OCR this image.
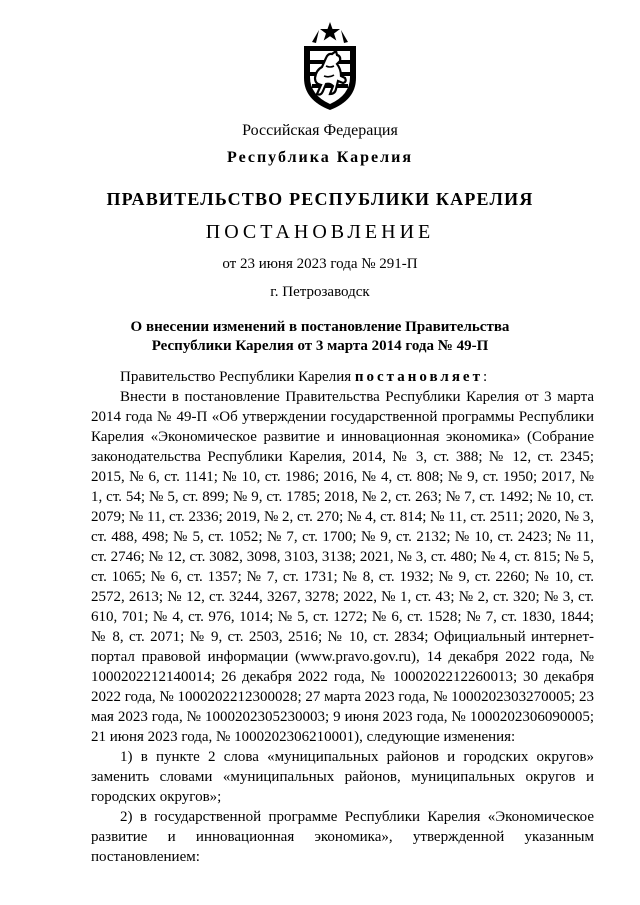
Российская Федерация
Республика Карелия
ПРАВИТЕЛЬСТВО РЕСПУБЛИКИ КАРЕЛИЯ
ПОСТАНОВЛЕНИЕ
от 23 июня 2023 года № 291-П
г. Петрозаводск
О внесении изменений в постановление Правительства
Республики Карелия от 3 марта 2014 года № 49-П

Правительство Республики Карелия постановляет:

Внести в постановление Правительства Республики Карелия от 3 марта 2014 года № 49-П «Об утверждении государственной программы Республики Карелия «Экономическое развитие и инновационная экономика» (Собрание законодательства Республики Карелия, 2014, № 3, ст. 388; № 12, ст. 2345; 2015, № 6, ст. 1141; № 10, ст. 1986; 2016, № 4, ст. 808; № 9, ст. 1950; 2017, № 1, ст. 54; № 5, ст. 899; № 9, ст. 1785; 2018, № 2, ст. 263; № 7, ст. 1492; № 10, ст. 2079; № 11, ст. 2336; 2019, № 2, ст. 270; № 4, ст. 814; № 11, ст. 2511; 2020, № 3, ст. 488, 498; № 5, ст. 1052; № 7, ст. 1700; № 9, ст. 2132; № 10, ст. 2423; № 11, ст. 2746; № 12, ст. 3082, 3098, 3103, 3138; 2021, № 3, ст. 480; № 4, ст. 815; № 5, ст. 1065; № 6, ст. 1357; № 7, ст. 1731; № 8, ст. 1932; № 9, ст. 2260; № 10, ст. 2572, 2613; № 12, ст. 3244, 3267, 3278; 2022, № 1, ст. 43; № 2, ст. 320; № 3, ст. 610, 701; № 4, ст. 976, 1014; № 5, ст. 1272; № 6, ст. 1528; № 7, ст. 1830, 1844; № 8, ст. 2071; № 9, ст. 2503, 2516; № 10, ст. 2834; Официальный интернет-портал правовой информации (www.pravo.gov.ru), 14 декабря 2022 года, № 1000202212140014; 26 декабря 2022 года, № 1000202212260013; 30 декабря 2022 года, № 1000202212300028; 27 марта 2023 года, № 1000202303270005; 23 мая 2023 года, № 1000202305230003; 9 июня 2023 года, № 1000202306090005; 21 июня 2023 года, № 1000202306210001), следующие изменения:

1) в пункте 2 слова «муниципальных районов и городских округов» заменить словами «муниципальных районов, муниципальных округов и городских округов»;

2) в государственной программе Республики Карелия «Экономическое развитие и инновационная экономика», утвержденной указанным постановлением:
